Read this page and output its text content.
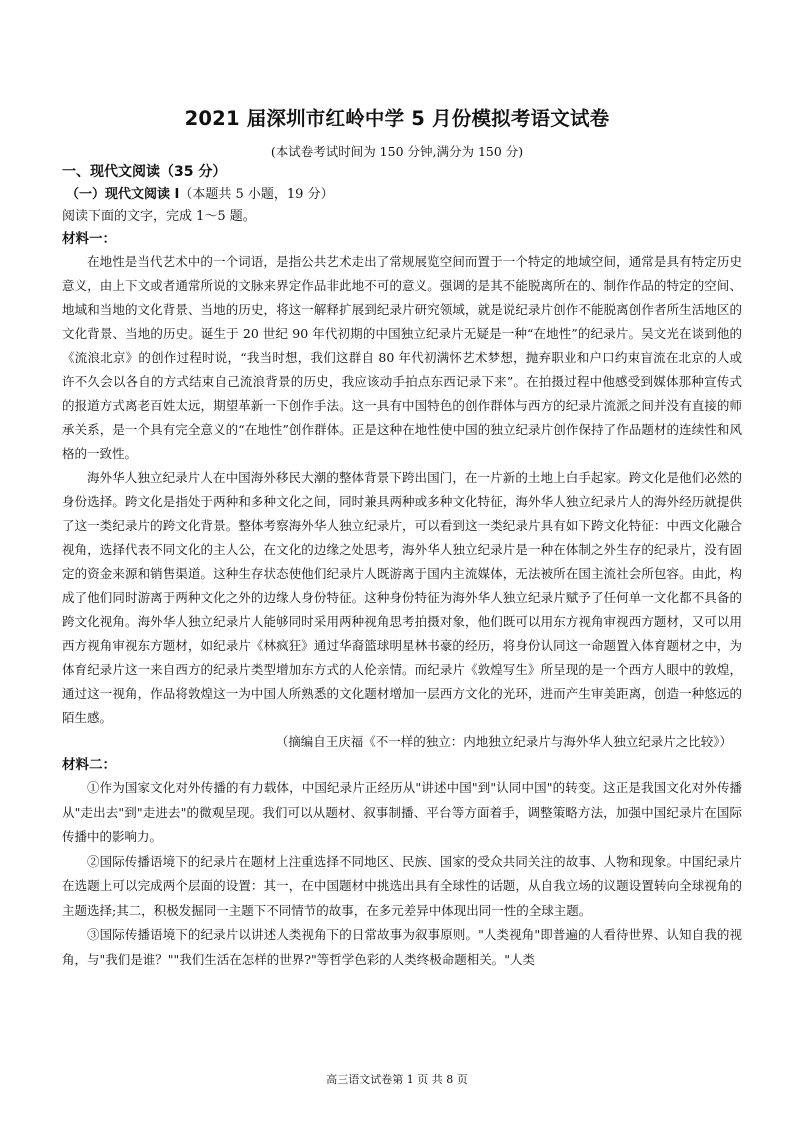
2021 届深圳市红岭中学 5 月份模拟考语文试卷
(本试卷考试时间为 150 分钟,满分为 150 分)
一、现代文阅读（35 分）
（一）现代文阅读 I（本题共 5 小题，19 分）
阅读下面的文字，完成 1～5 题。
材料一：

在地性是当代艺术中的一个词语，是指公共艺术走出了常规展览空间而置于一个特定的地域空间，通常是具有特定历史意义，由上下文或者通常所说的文脉来界定作品非此地不可的意义。强调的是其不能脱离所在的、制作作品的特定的空间、地域和当地的文化背景、当地的历史，将这一解释扩展到纪录片研究领域，就是说纪录片创作不能脱离创作者所生活地区的文化背景、当地的历史。诞生于 20 世纪 90 年代初期的中国独立纪录片无疑是一种“在地性”的纪录片。吴文光在谈到他的《流浪北京》的创作过程时说，“我当时想，我们这群自 80 年代初满怀艺术梦想，抛弃职业和户口约束盲流在北京的人或许不久会以各自的方式结束自己流浪背景的历史，我应该动手拍点东西记录下来”。在拍摄过程中他感受到媒体那种宣传式的报道方式离老百姓太远，期望革新一下创作手法。这一具有中国特色的创作群体与西方的纪录片流派之间并没有直接的师承关系，是一个具有完全意义的“在地性”创作群体。正是这种在地性使中国的独立纪录片创作保持了作品题材的连续性和风格的一致性。

海外华人独立纪录片人在中国海外移民大潮的整体背景下跨出国门，在一片新的土地上白手起家。跨文化是他们必然的身份选择。跨文化是指处于两种和多种文化之间，同时兼具两种或多种文化特征，海外华人独立纪录片人的海外经历就提供了这一类纪录片的跨文化背景。整体考察海外华人独立纪录片，可以看到这一类纪录片具有如下跨文化特征：中西文化融合视角，选择代表不同文化的主人公，在文化的边缘之处思考，海外华人独立纪录片是一种在体制之外生存的纪录片，没有固定的资金来源和销售渠道。这种生存状态使他们纪录片人既游离于国内主流媒体，无法被所在国主流社会所包容。由此，构成了他们同时游离于两种文化之外的边缘人身份特征。这种身份特征为海外华人独立纪录片赋予了任何单一文化都不具备的跨文化视角。海外华人独立纪录片人能够同时采用两种视角思考拍摄对象，他们既可以用东方视角审视西方题材，又可以用西方视角审视东方题材，如纪录片《林疯狂》通过华裔篮球明星林书豪的经历，将身份认同这一命题置入体育题材之中，为体育纪录片这一来自西方的纪录片类型增加东方式的人伦亲情。而纪录片《敦煌写生》所呈现的是一个西方人眼中的敦煌，通过这一视角，作品将敦煌这一为中国人所熟悉的文化题材增加一层西方文化的光环，进而产生审美距离，创造一种悠远的陌生感。

（摘编自王庆福《不一样的独立：内地独立纪录片与海外华人独立纪录片之比较》）
材料二：

①作为国家文化对外传播的有力载体，中国纪录片正经历从"讲述中国"到"认同中国"的转变。这正是我国文化对外传播从"走出去"到"走进去"的微观呈现。我们可以从题材、叙事制播、平台等方面着手，调整策略方法，加强中国纪录片在国际传播中的影响力。

②国际传播语境下的纪录片在题材上注重选择不同地区、民族、国家的受众共同关注的故事、人物和现象。中国纪录片在选题上可以完成两个层面的设置：其一，在中国题材中挑选出具有全球性的话题，从自我立场的议题设置转向全球视角的主题选择;其二，积极发掘同一主题下不同情节的故事，在多元差异中体现出同一性的全球主题。

③国际传播语境下的纪录片以讲述人类视角下的日常故事为叙事原则。"人类视角"即普遍的人看待世界、认知自我的视角，与"我们是谁？""我们生活在怎样的世界?"等哲学色彩的人类终极命题相关。"人类

高三语文试卷第 1 页 共 8 页
